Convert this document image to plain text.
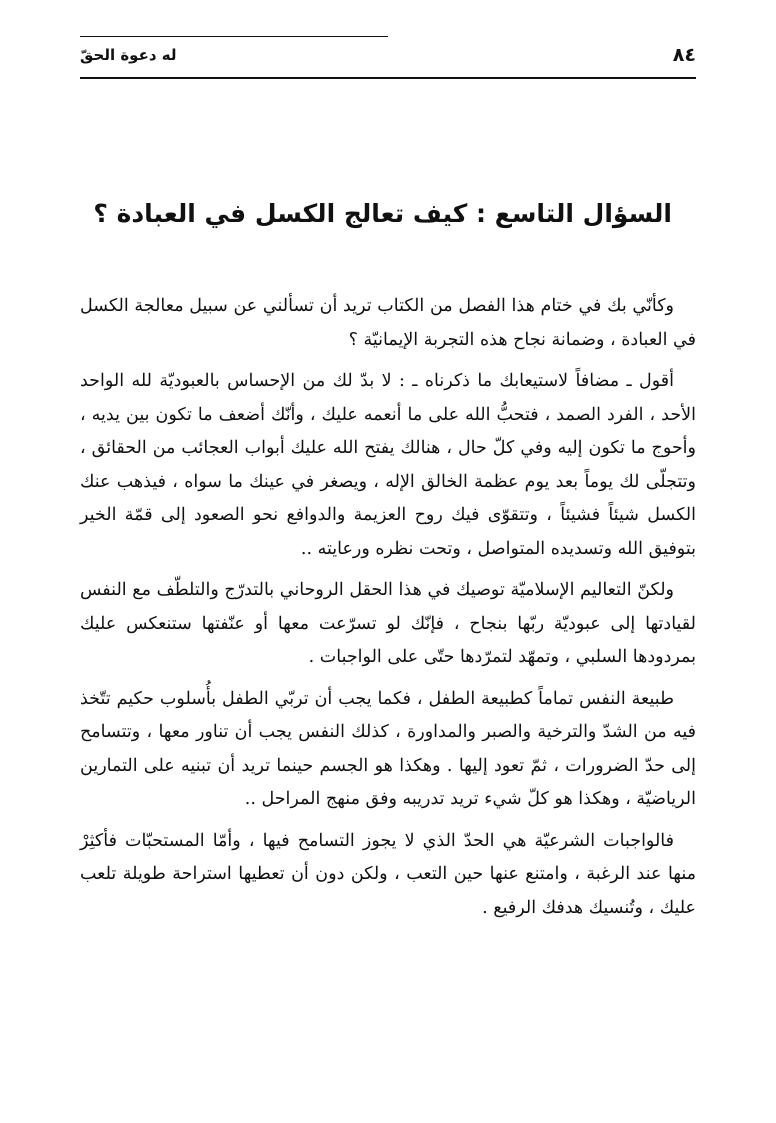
٨٤
له دعوة الحقّ
السؤال التاسع : كيف تعالج الكسل في العبادة ؟

وكأنّي بك في ختام هذا الفصل من الكتاب تريد أن تسألني عن سبيل معالجة الكسل في العبادة ، وضمانة نجاح هذه التجربة الإيمانيّة ؟

أقول ـ مضافاً لاستيعابك ما ذكرناه ـ : لا بدّ لك من الإحساس بالعبوديّة لله الواحد الأحد ، الفرد الصمد ، فتحبُّ الله على ما أنعمه عليك ، وأنّك أضعف ما تكون بين يديه ، وأحوج ما تكون إليه وفي كلّ حال ، هنالك يفتح الله عليك أبواب العجائب من الحقائق ، وتتجلّى لك يوماً بعد يوم عظمة الخالق الإله ، ويصغر في عينك ما سواه ، فيذهب عنك الكسل شيئاً فشيئاً ، وتتقوّى فيك روح العزيمة والدوافع نحو الصعود إلى قمّة الخير بتوفيق الله وتسديده المتواصل ، وتحت نظره ورعايته ..

ولكنّ التعاليم الإسلاميّة توصيك في هذا الحقل الروحاني بالتدرّج والتلطّف مع النفس لقيادتها إلى عبوديّة ربّها بنجاح ، فإنّك لو تسرّعت معها أو عنّفتها ستنعكس عليك بمردودها السلبي ، وتمهّد لتمرّدها حتّى على الواجبات .

طبيعة النفس تماماً كطبيعة الطفل ، فكما يجب أن تربّي الطفل بأُسلوب حكيم تتّخذ فيه من الشدّ والترخية والصبر والمداورة ، كذلك النفس يجب أن تناور معها ، وتتسامح إلى حدّ الضرورات ، ثمّ تعود إليها . وهكذا هو الجسم حينما تريد أن تبنيه على التمارين الرياضيّة ، وهكذا هو كلّ شيء تريد تدريبه وفق منهج المراحل ..

فالواجبات الشرعيّة هي الحدّ الذي لا يجوز التسامح فيها ، وأمّا المستحبّات فأكثِرْ منها عند الرغبة ، وامتنع عنها حين التعب ، ولكن دون أن تعطيها استراحة طويلة تلعب عليك ، وتُنسيك هدفك الرفيع .
